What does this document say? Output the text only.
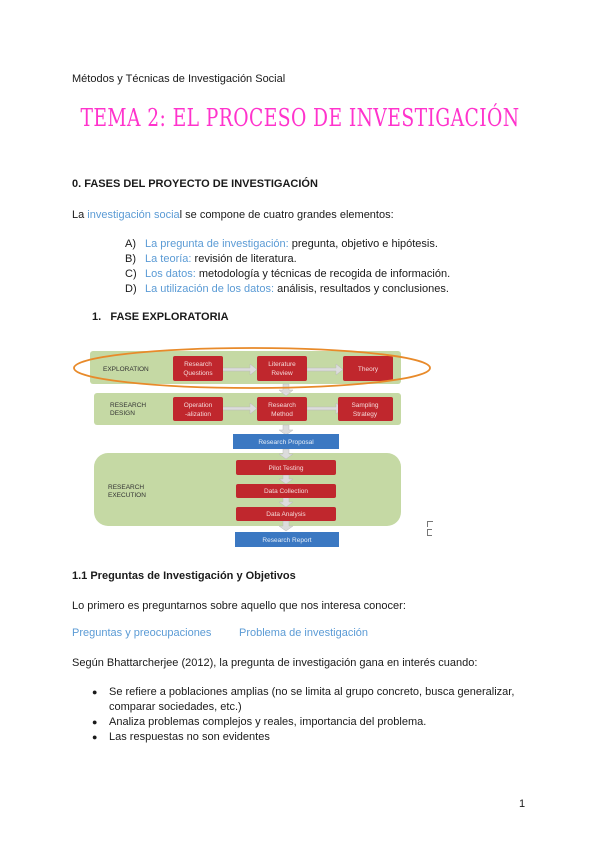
Métodos y Técnicas de Investigación Social
TEMA 2: EL PROCESO DE INVESTIGACIÓN
0. FASES DEL PROYECTO DE INVESTIGACIÓN
La investigación social se compone de cuatro grandes elementos:
A) La pregunta de investigación: pregunta, objetivo e hipótesis.
B) La teoría: revisión de literatura.
C) Los datos: metodología y técnicas de recogida de información.
D) La utilización de los datos: análisis, resultados y conclusiones.
1.   FASE EXPLORATORIA
EXPLORATION
RESEARCH
DESIGN
RESEARCH
EXECUTION
Research
Questions
Literature
Review
Theory
Operation
-alization
Research
Method
Sampling
Strategy
Pilot Testing
Data Collection
Data Analysis
Research Proposal
Research Report
1.1 Preguntas de Investigación y Objetivos
Lo primero es preguntarnos sobre aquello que nos interesa conocer:
Preguntas y preocupaciones	Problema de investigación
Según Bhattarcherjee (2012), la pregunta de investigación gana en interés cuando:
● Se refiere a poblaciones amplias (no se limita al grupo concreto, busca generalizar, comparar sociedades, etc.)
● Analiza problemas complejos y reales, importancia del problema.
● Las respuestas no son evidentes
1
